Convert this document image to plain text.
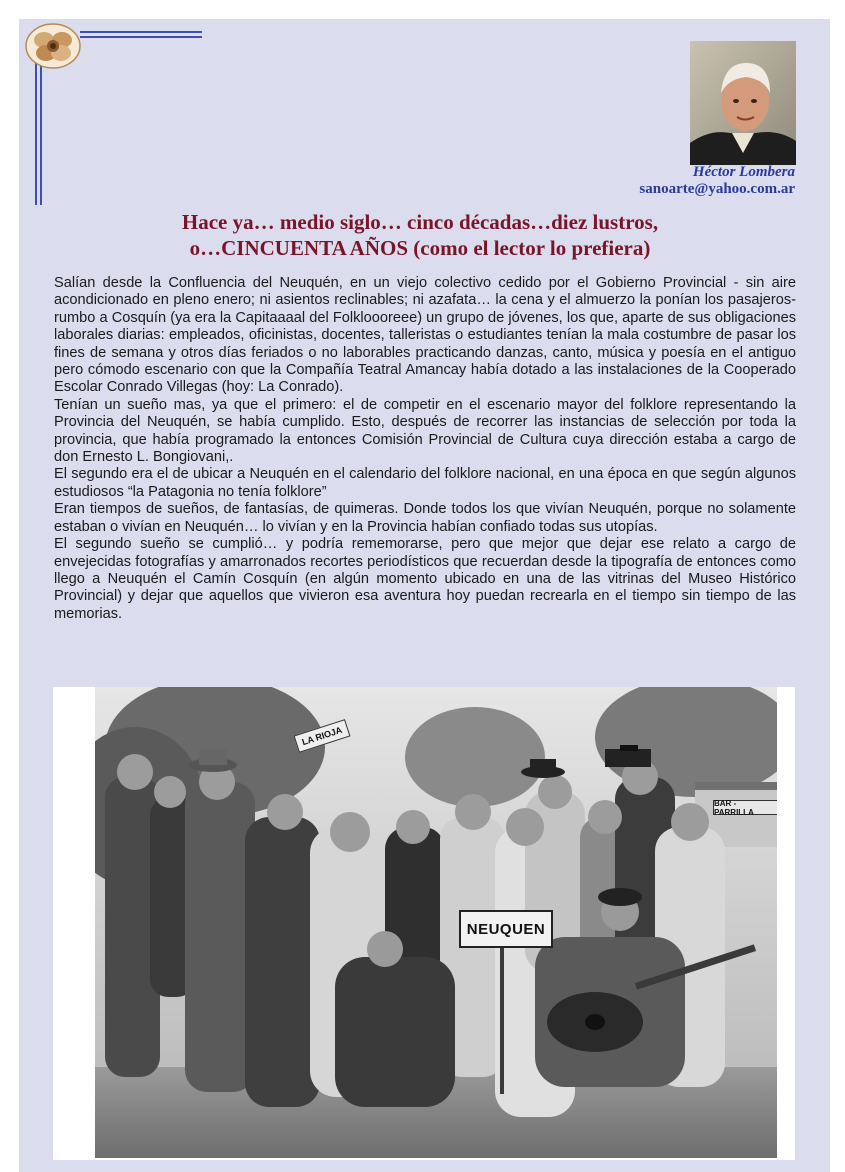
Héctor Lombera
sanoarte@yahoo.com.ar
Hace ya… medio siglo… cinco décadas…diez lustros,
o…CINCUENTA AÑOS (como el lector lo prefiera)

Salían desde la Confluencia del Neuquén, en un viejo colectivo cedido por el Gobierno Provincial - sin aire acondicionado en pleno enero; ni asientos reclinables; ni azafata… la cena y el almuerzo la ponían los pasajeros- rumbo a Cosquín (ya era la Capitaaaal del Folkloooreee) un grupo de jóvenes, los que, aparte de sus obligaciones laborales diarias: empleados, oficinistas, docentes, talleristas o estudiantes tenían la mala costumbre de pasar los fines de semana y otros días feriados o no laborables practicando danzas, canto, música y poesía en el antiguo pero cómodo escenario con que la Compañía Teatral Amancay había dotado a las instalaciones de la Cooperado Escolar Conrado Villegas (hoy: La Conrado).

Tenían un sueño mas, ya que el primero: el de competir en el escenario mayor del folklore representando la Provincia del Neuquén, se había cumplido. Esto, después de recorrer las instancias de selección por toda la provincia, que había programado la entonces Comisión Provincial de Cultura cuya dirección estaba a cargo de don Ernesto L. Bongiovani,.

El segundo era el de ubicar a Neuquén en el calendario del folklore nacional, en una época en que según algunos estudiosos “la Patagonia no tenía folklore”

Eran tiempos de sueños, de fantasías, de quimeras. Donde todos los que vivían Neuquén, porque no solamente estaban o vivían en Neuquén… lo vivían y en la Provincia habían confiado todas sus utopías.

El segundo sueño se cumplió… y podría rememorarse, pero que mejor que dejar ese relato a cargo de envejecidas fotografías y amarronados recortes periodísticos que recuerdan desde la tipografía de entonces como llego a Neuquén el Camín Cosquín (en algún momento ubicado en una de las vitrinas del Museo Histórico Provincial) y dejar que aquellos que vivieron esa aventura hoy puedan recrearla en el tiempo sin tiempo de las memorias.

LA RIOJA
BAR - PARRILLA
NEUQUEN
